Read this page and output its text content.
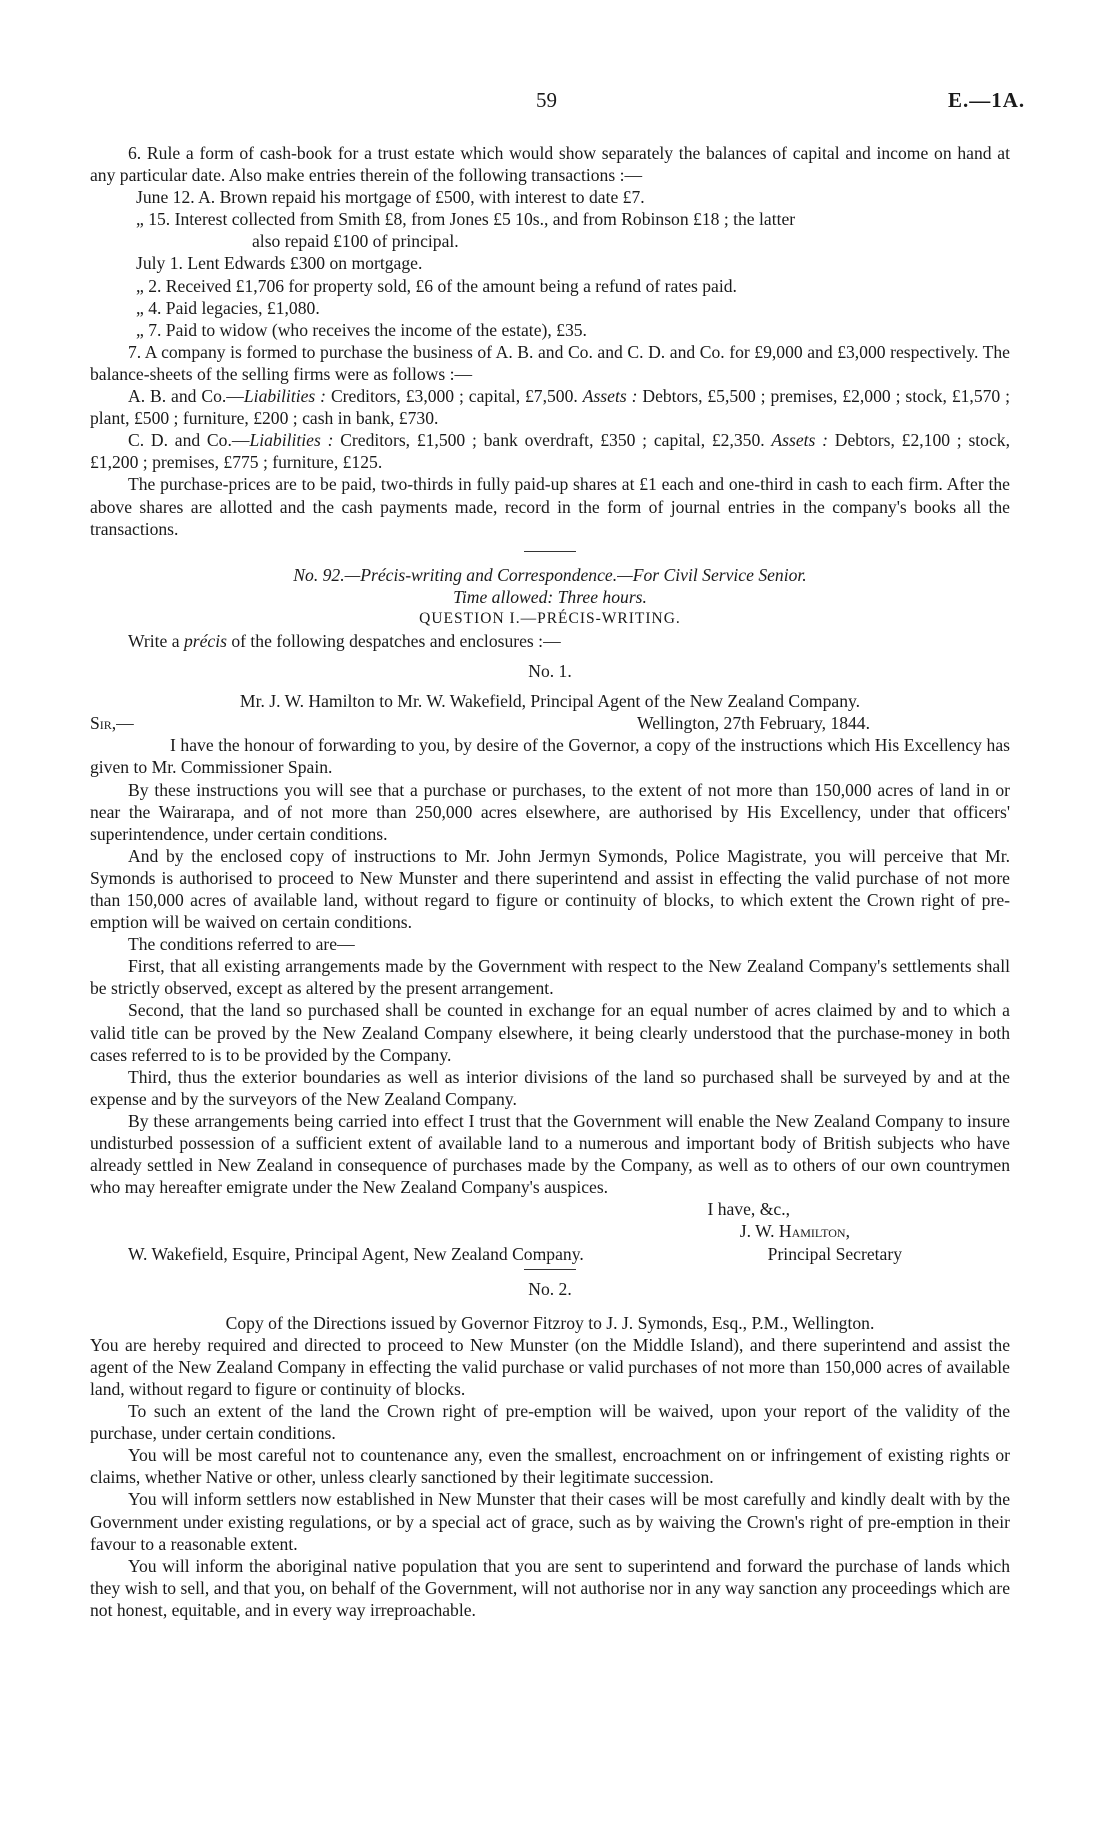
59	E.—1A.

6. Rule a form of cash-book for a trust estate which would show separately the balances of capital and income on hand at any particular date. Also make entries therein of the following transactions :—

June 12. A. Brown repaid his mortgage of £500, with interest to date £7.

„ 15. Interest collected from Smith £8, from Jones £5 10s., and from Robinson £18 ; the latter

also repaid £100 of principal.

July 1. Lent Edwards £300 on mortgage.

„ 2. Received £1,706 for property sold, £6 of the amount being a refund of rates paid.

„ 4. Paid legacies, £1,080.

„ 7. Paid to widow (who receives the income of the estate), £35.

7. A company is formed to purchase the business of A. B. and Co. and C. D. and Co. for £9,000 and £3,000 respectively. The balance-sheets of the selling firms were as follows :—

A. B. and Co.—Liabilities : Creditors, £3,000 ; capital, £7,500. Assets : Debtors, £5,500 ; premises, £2,000 ; stock, £1,570 ; plant, £500 ; furniture, £200 ; cash in bank, £730.

C. D. and Co.—Liabilities : Creditors, £1,500 ; bank overdraft, £350 ; capital, £2,350. Assets : Debtors, £2,100 ; stock, £1,200 ; premises, £775 ; furniture, £125.

The purchase-prices are to be paid, two-thirds in fully paid-up shares at £1 each and one-third in cash to each firm. After the above shares are allotted and the cash payments made, record in the form of journal entries in the company's books all the transactions.

No. 92.—Précis-writing and Correspondence.—For Civil Service Senior.

Time allowed: Three hours.

QUESTION I.—PRÉCIS-WRITING.

Write a précis of the following despatches and enclosures :—

No. 1.

Mr. J. W. Hamilton to Mr. W. Wakefield, Principal Agent of the New Zealand Company.

Sir,—	Wellington, 27th February, 1844.

I have the honour of forwarding to you, by desire of the Governor, a copy of the instructions which His Excellency has given to Mr. Commissioner Spain.

By these instructions you will see that a purchase or purchases, to the extent of not more than 150,000 acres of land in or near the Wairarapa, and of not more than 250,000 acres elsewhere, are authorised by His Excellency, under that officers' superintendence, under certain conditions.

And by the enclosed copy of instructions to Mr. John Jermyn Symonds, Police Magistrate, you will perceive that Mr. Symonds is authorised to proceed to New Munster and there superintend and assist in effecting the valid purchase of not more than 150,000 acres of available land, without regard to figure or continuity of blocks, to which extent the Crown right of pre-emption will be waived on certain conditions.

The conditions referred to are—

First, that all existing arrangements made by the Government with respect to the New Zealand Company's settlements shall be strictly observed, except as altered by the present arrangement.

Second, that the land so purchased shall be counted in exchange for an equal number of acres claimed by and to which a valid title can be proved by the New Zealand Company elsewhere, it being clearly understood that the purchase-money in both cases referred to is to be provided by the Company.

Third, thus the exterior boundaries as well as interior divisions of the land so purchased shall be surveyed by and at the expense and by the surveyors of the New Zealand Company.

By these arrangements being carried into effect I trust that the Government will enable the New Zealand Company to insure undisturbed possession of a sufficient extent of available land to a numerous and important body of British subjects who have already settled in New Zealand in consequence of purchases made by the Company, as well as to others of our own countrymen who may hereafter emigrate under the New Zealand Company's auspices.

I have, &c.,

J. W. Hamilton,

W. Wakefield, Esquire, Principal Agent, New Zealand Company.	Principal Secretary

No. 2.

Copy of the Directions issued by Governor Fitzroy to J. J. Symonds, Esq., P.M., Wellington.

You are hereby required and directed to proceed to New Munster (on the Middle Island), and there superintend and assist the agent of the New Zealand Company in effecting the valid purchase or valid purchases of not more than 150,000 acres of available land, without regard to figure or continuity of blocks.

To such an extent of the land the Crown right of pre-emption will be waived, upon your report of the validity of the purchase, under certain conditions.

You will be most careful not to countenance any, even the smallest, encroachment on or infringement of existing rights or claims, whether Native or other, unless clearly sanctioned by their legitimate succession.

You will inform settlers now established in New Munster that their cases will be most carefully and kindly dealt with by the Government under existing regulations, or by a special act of grace, such as by waiving the Crown's right of pre-emption in their favour to a reasonable extent.

You will inform the aboriginal native population that you are sent to superintend and forward the purchase of lands which they wish to sell, and that you, on behalf of the Government, will not authorise nor in any way sanction any proceedings which are not honest, equitable, and in every way irreproachable.
